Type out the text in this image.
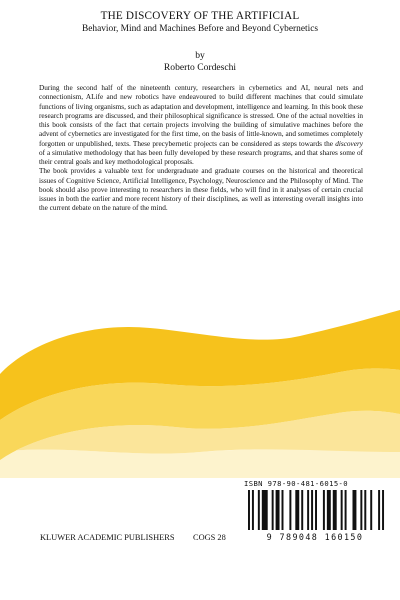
THE DISCOVERY OF THE ARTIFICIAL
Behavior, Mind and Machines Before and Beyond Cybernetics
by
Roberto Cordeschi

During the second half of the nineteenth century, researchers in cybernetics and AI, neural nets and connectionism, ALife and new robotics have endeavoured to build different machines that could simulate functions of living organisms, such as adaptation and development, intelligence and learning. In this book these research programs are discussed, and their philosophical significance is stressed. One of the actual novelties in this book consists of the fact that certain projects involving the building of simulative machines before the advent of cybernetics are investigated for the first time, on the basis of little-known, and sometimes completely forgotten or unpublished, texts. These precybernetic projects can be considered as steps towards the discovery of a simulative methodology that has been fully developed by these research programs, and that shares some of their central goals and key methodological proposals.

The book provides a valuable text for undergraduate and graduate courses on the historical and theoretical issues of Cognitive Science, Artificial Intelligence, Psychology, Neuroscience and the Philosophy of Mind. The book should also prove interesting to researchers in these fields, who will find in it analyses of certain crucial issues in both the earlier and more recent history of their disciplines, as well as interesting overall insights into the current debate on the nature of the mind.

ISBN 978-90-481-6015-0
9 789048 160150
KLUWER ACADEMIC PUBLISHERS COGS 28
